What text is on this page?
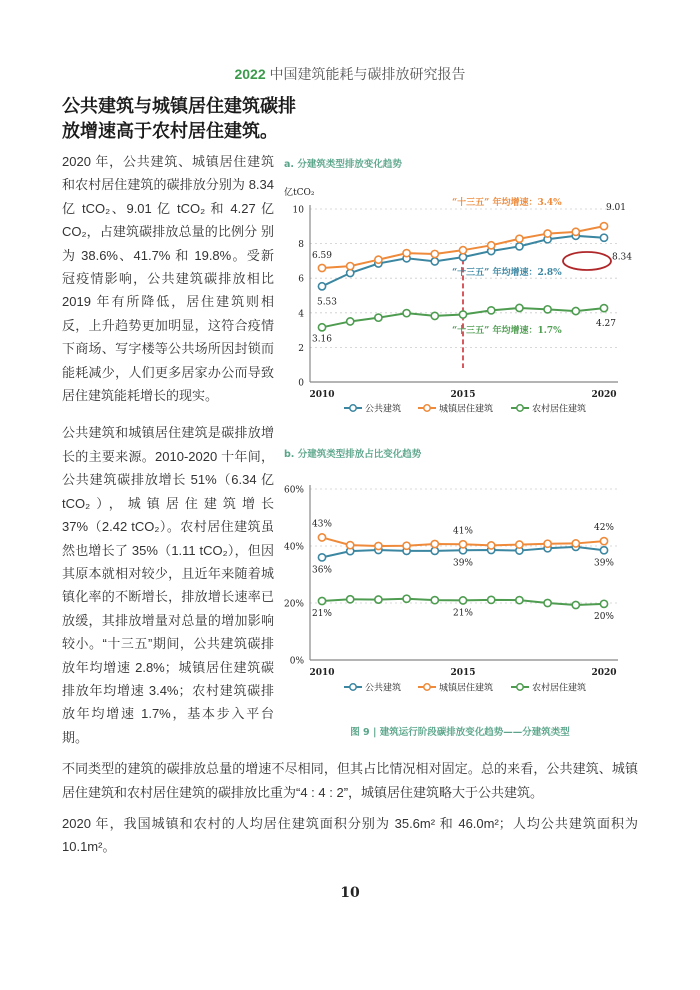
2022 中国建筑能耗与碳排放研究报告
公共建筑与城镇居住建筑碳排放增速高于农村居住建筑。

2020 年，公共建筑、城镇居住建筑和农村居住建筑的碳排放分别为 8.34 亿 tCO₂、9.01 亿 tCO₂ 和 4.27 亿 CO₂，占建筑碳排放总量的比例分 别 为 38.6%、41.7% 和 19.8%。受新冠疫情影响，公共建筑碳排放相比 2019 年有所降低，居住建筑则相反，上升趋势更加明显，这符合疫情下商场、写字楼等公共场所因封锁而能耗减少，人们更多居家办公而导致居住建筑能耗增长的现实。

公共建筑和城镇居住建筑是碳排放增长的主要来源。2010-2020 十年间，公共建筑碳排放增长 51%（6.34 亿 tCO₂），城镇居住建筑增长 37%（2.42 tCO₂）。农村居住建筑虽然也增长了 35%（1.11 tCO₂），但因其原本就相对较少，且近年来随着城镇化率的不断增长，排放增长速率已放缓，其排放增量对总量的增加影响较小。“十三五”期间，公共建筑碳排放年均增速 2.8%；城镇居住建筑碳排放年均增速 3.4%；农村建筑碳排放年均增速 1.7%，基本步入平台期。

a. 分建筑类型排放变化趋势
0
2
4
6
8
10
2010	2015	2020
亿tCO₂
6.59
5.53
3.16
9.01
8.34
4.27
“十三五” 年均增速：3.4%
“十三五” 年均增速：2.8%
“十三五” 年均增速：1.7%
公共建筑	城镇居住建筑	农村居住建筑
b. 分建筑类型排放占比变化趋势
0%
20%
40%
60%
2010	2015	2020
43%
36%
21%
41%
39%
21%
42%
39%
20%
公共建筑	城镇居住建筑	农村居住建筑
图 9 | 建筑运行阶段碳排放变化趋势——分建筑类型

不同类型的建筑的碳排放总量的增速不尽相同，但其占比情况相对固定。总的来看，公共建筑、城镇居住建筑和农村居住建筑的碳排放比重为“4 : 4 : 2”，城镇居住建筑略大于公共建筑。

2020 年，我国城镇和农村的人均居住建筑面积分别为 35.6m² 和 46.0m²；人均公共建筑面积为 10.1m²。

10
